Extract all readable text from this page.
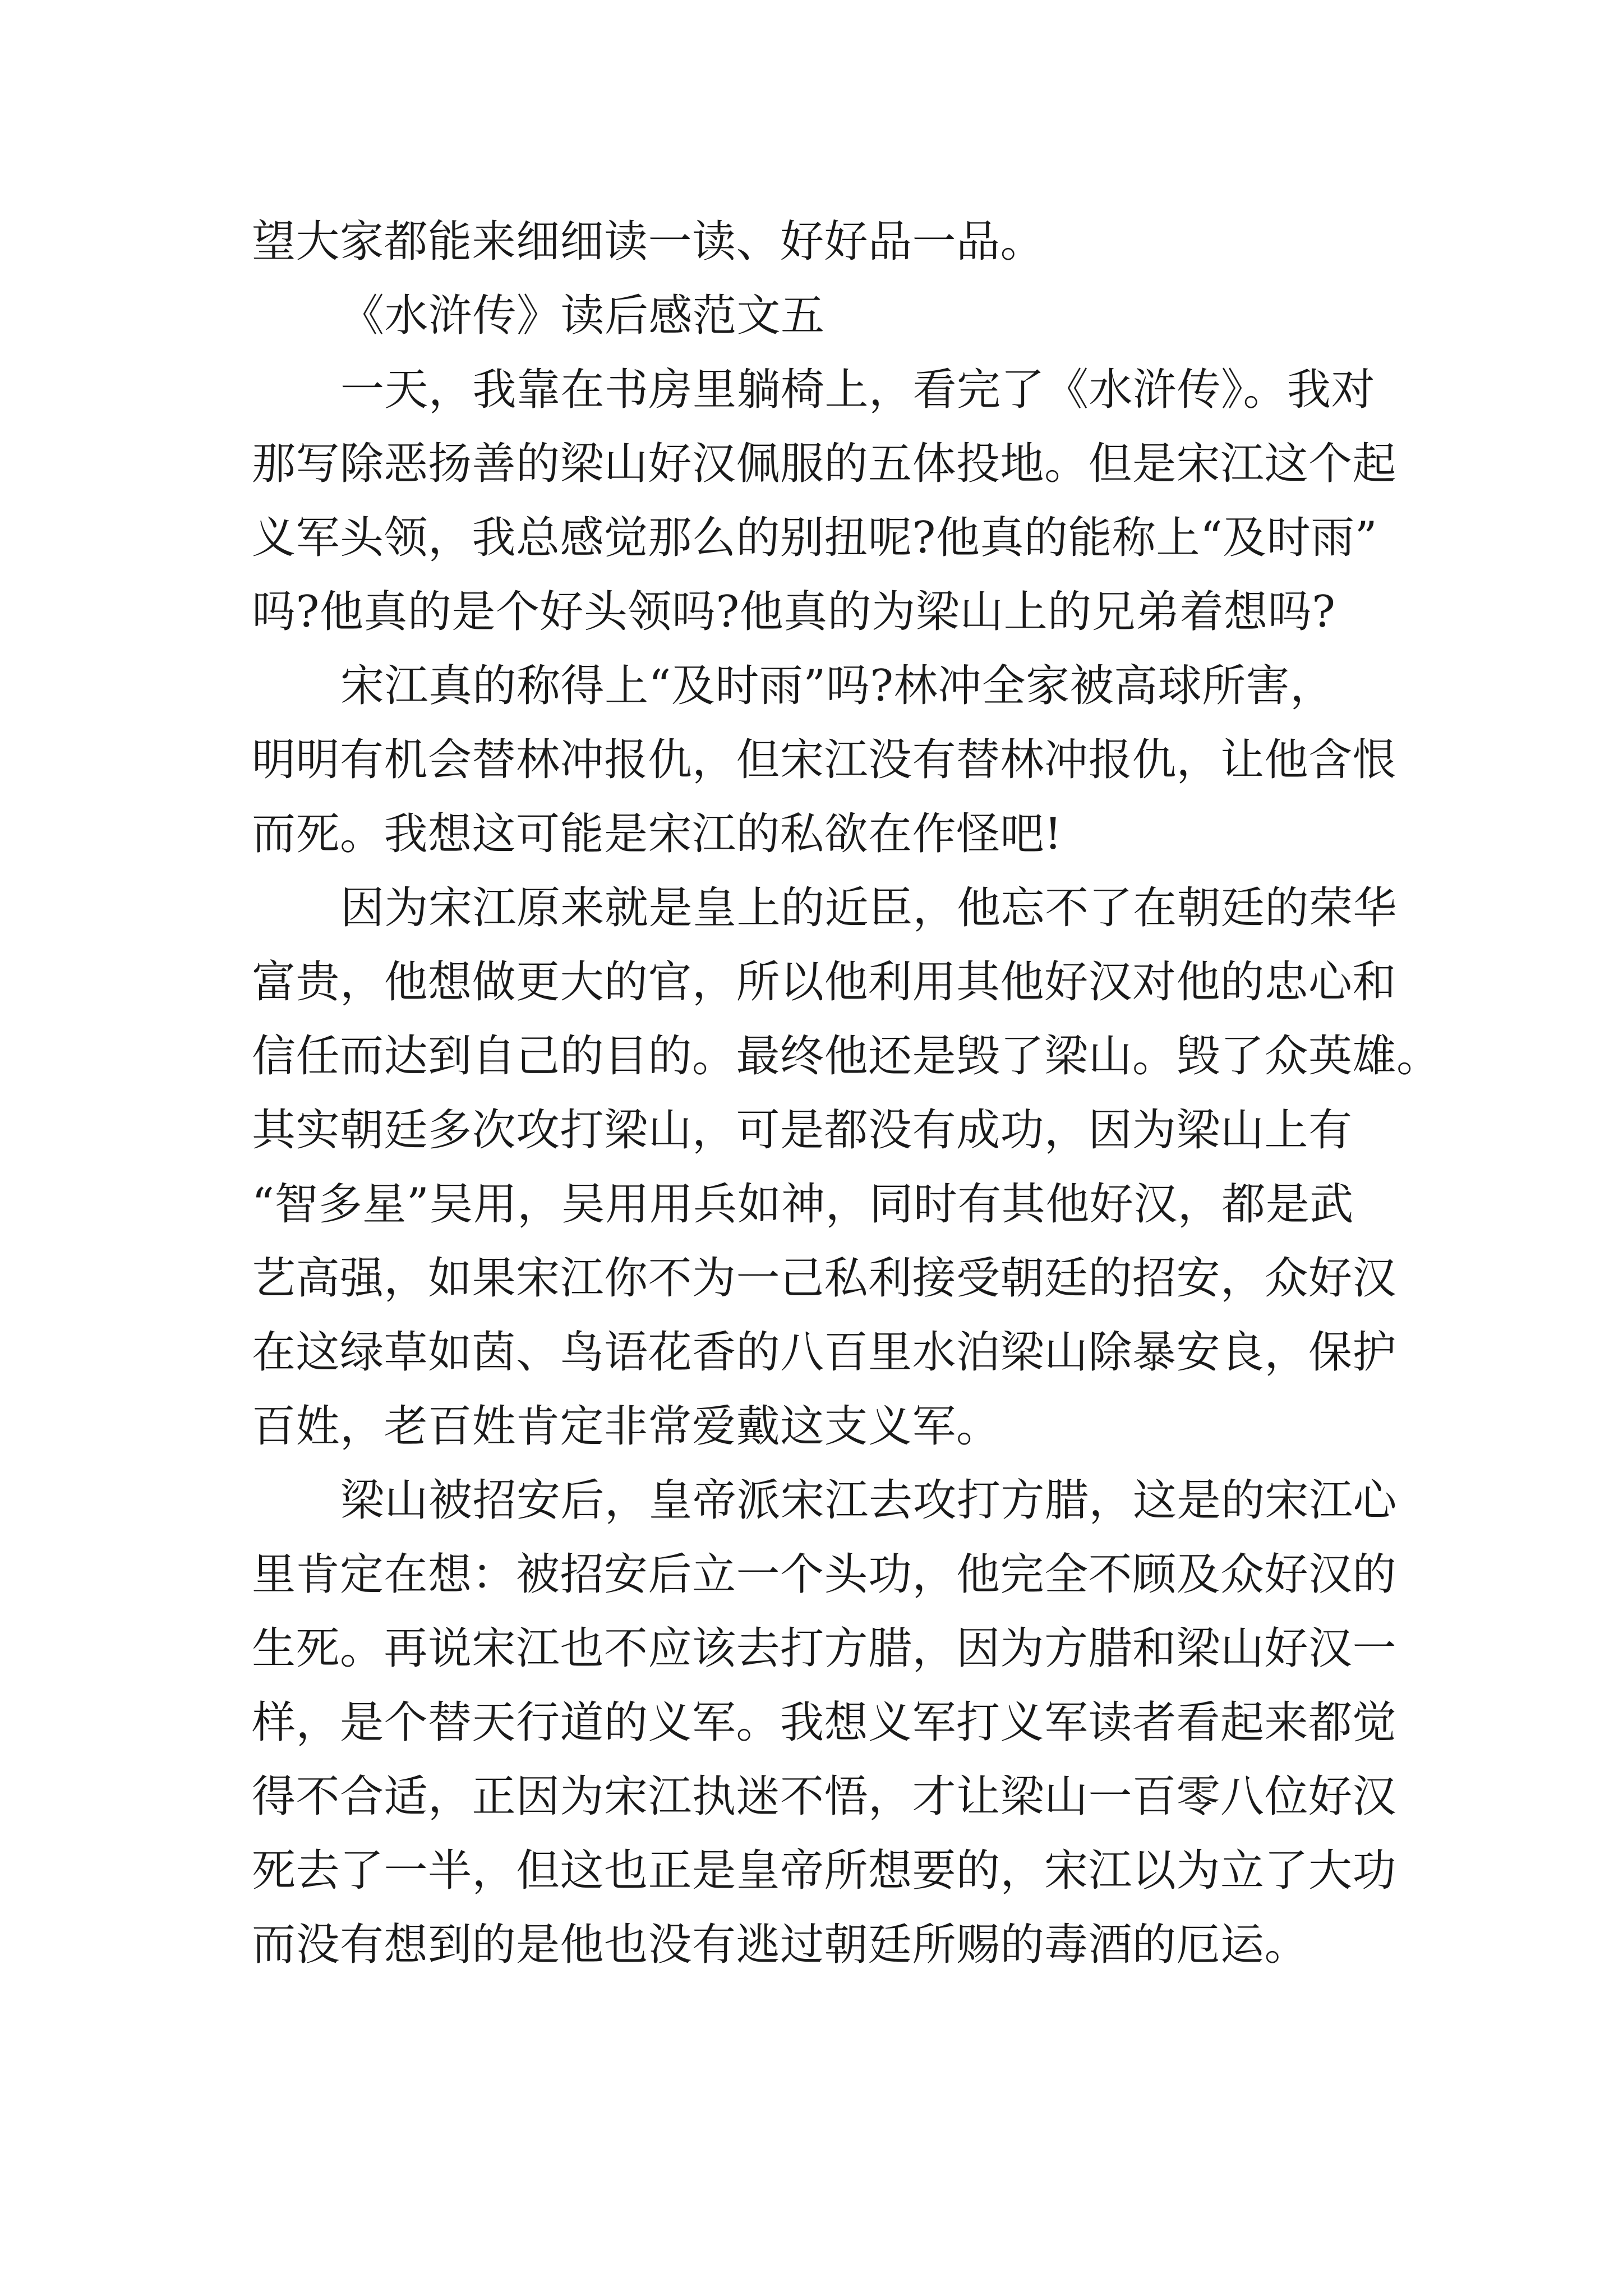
望大家都能来细细读一读、好好品一品。
《水浒传》读后感范文五
一天，我靠在书房里躺椅上，看完了《水浒传》。我对
那写除恶扬善的梁山好汉佩服的五体投地。但是宋江这个起
义军头领，我总感觉那么的别扭呢?他真的能称上“及时雨”
吗?他真的是个好头领吗?他真的为梁山上的兄弟着想吗?
宋江真的称得上“及时雨”吗?林冲全家被高球所害，
明明有机会替林冲报仇，但宋江没有替林冲报仇，让他含恨
而死。我想这可能是宋江的私欲在作怪吧!
因为宋江原来就是皇上的近臣，他忘不了在朝廷的荣华
富贵，他想做更大的官，所以他利用其他好汉对他的忠心和
信任而达到自己的目的。最终他还是毁了梁山。毁了众英雄。
其实朝廷多次攻打梁山，可是都没有成功，因为梁山上有
“智多星”吴用，吴用用兵如神，同时有其他好汉，都是武
艺高强，如果宋江你不为一己私利接受朝廷的招安，众好汉
在这绿草如茵、鸟语花香的八百里水泊梁山除暴安良，保护
百姓，老百姓肯定非常爱戴这支义军。
梁山被招安后，皇帝派宋江去攻打方腊，这是的宋江心
里肯定在想：被招安后立一个头功，他完全不顾及众好汉的
生死。再说宋江也不应该去打方腊，因为方腊和梁山好汉一
样，是个替天行道的义军。我想义军打义军读者看起来都觉
得不合适，正因为宋江执迷不悟，才让梁山一百零八位好汉
死去了一半，但这也正是皇帝所想要的，宋江以为立了大功
而没有想到的是他也没有逃过朝廷所赐的毒酒的厄运。
